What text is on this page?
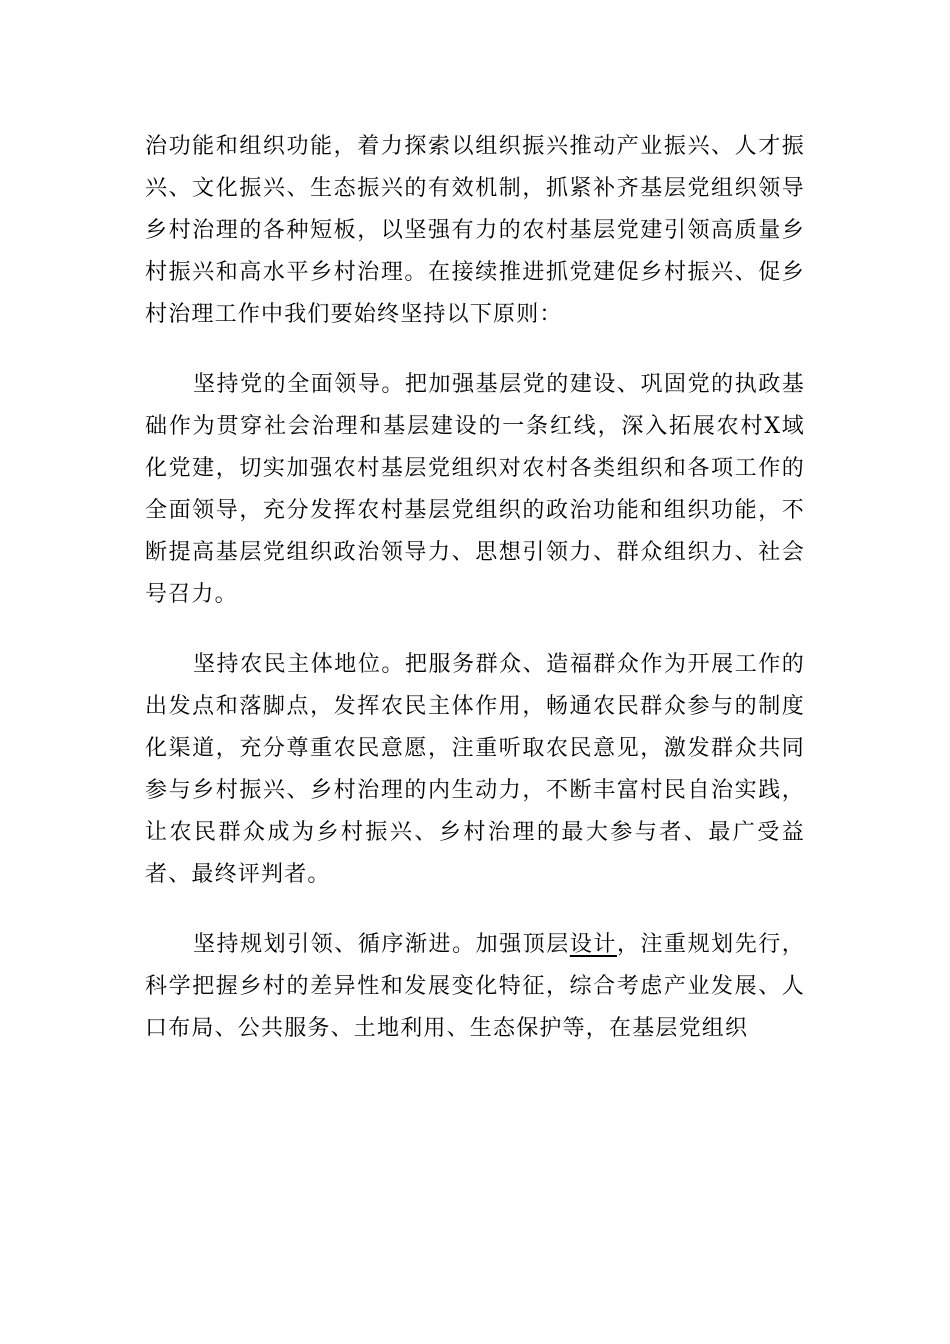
治功能和组织功能，着力探索以组织振兴推动产业振兴、人才振兴、文化振兴、生态振兴的有效机制，抓紧补齐基层党组织领导乡村治理的各种短板，以坚强有力的农村基层党建引领高质量乡村振兴和高水平乡村治理。在接续推进抓党建促乡村振兴、促乡村治理工作中我们要始终坚持以下原则：

坚持党的全面领导。把加强基层党的建设、巩固党的执政基础作为贯穿社会治理和基层建设的一条红线，深入拓展农村X域化党建，切实加强农村基层党组织对农村各类组织和各项工作的全面领导，充分发挥农村基层党组织的政治功能和组织功能，不断提高基层党组织政治领导力、思想引领力、群众组织力、社会号召力。

坚持农民主体地位。把服务群众、造福群众作为开展工作的出发点和落脚点，发挥农民主体作用，畅通农民群众参与的制度化渠道，充分尊重农民意愿，注重听取农民意见，激发群众共同参与乡村振兴、乡村治理的内生动力，不断丰富村民自治实践，让农民群众成为乡村振兴、乡村治理的最大参与者、最广受益者、最终评判者。

坚持规划引领、循序渐进。加强顶层设计，注重规划先行，科学把握乡村的差异性和发展变化特征，综合考虑产业发展、人口布局、公共服务、土地利用、生态保护等，在基层党组织
